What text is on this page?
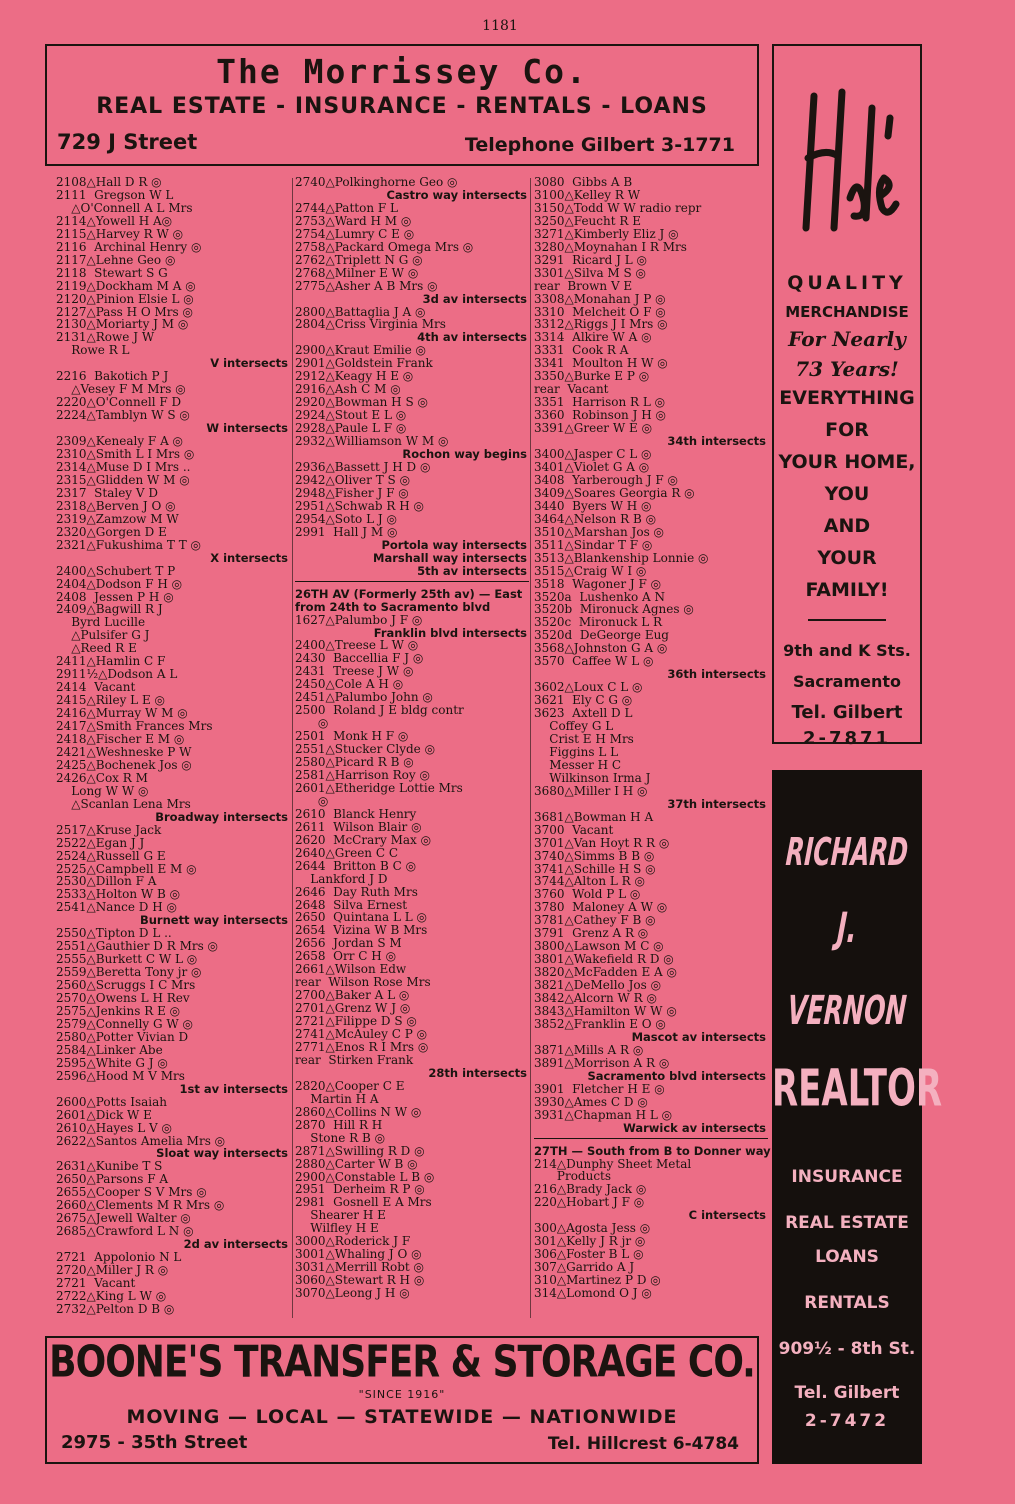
1181
The Morrissey Co.
REAL ESTATE - INSURANCE - RENTALS - LOANS
729 J Street	Telephone Gilbert 3-1771
2108△Hall D R ◎
2111  Gregson W L
△O'Connell A L Mrs
2114△Yowell H A◎
2115△Harvey R W ◎
2116  Archinal Henry ◎
2117△Lehne Geo ◎
2118  Stewart S G
2119△Dockham M A ◎
2120△Pinion Elsie L ◎
2127△Pass H O Mrs ◎
2130△Moriarty J M ◎
2131△Rowe J W
Rowe R L
V intersects
2216  Bakotich P J
△Vesey F M Mrs ◎
2220△O'Connell F D
2224△Tamblyn W S ◎
W intersects
2309△Kenealy F A ◎
2310△Smith L I Mrs ◎
2314△Muse D I Mrs ..
2315△Glidden W M ◎
2317  Staley V D
2318△Berven J O ◎
2319△Zamzow M W
2320△Gorgen D E
2321△Fukushima T T ◎
X intersects
2400△Schubert T P
2404△Dodson F H ◎
2408  Jessen P H ◎
2409△Bagwill R J
Byrd Lucille
△Pulsifer G J
△Reed R E
2411△Hamlin C F
2911½△Dodson A L
2414  Vacant
2415△Riley L E ◎
2416△Murray W M ◎
2417△Smith Frances Mrs
2418△Fischer E M ◎
2421△Weshneske P W
2425△Bochenek Jos ◎
2426△Cox R M
Long W W ◎
△Scanlan Lena Mrs
Broadway intersects
2517△Kruse Jack
2522△Egan J J
2524△Russell G E
2525△Campbell E M ◎
2530△Dillon F A
2533△Holton W B ◎
2541△Nance D H ◎
Burnett way intersects
2550△Tipton D L ..
2551△Gauthier D R Mrs ◎
2555△Burkett C W L ◎
2559△Beretta Tony jr ◎
2560△Scruggs I C Mrs
2570△Owens L H Rev
2575△Jenkins R E ◎
2579△Connelly G W ◎
2580△Potter Vivian D
2584△Linker Abe
2595△White G J ◎
2596△Hood M V Mrs
1st av intersects
2600△Potts Isaiah
2601△Dick W E
2610△Hayes L V ◎
2622△Santos Amelia Mrs ◎
Sloat way intersects
2631△Kunibe T S
2650△Parsons F A
2655△Cooper S V Mrs ◎
2660△Clements M R Mrs ◎
2675△Jewell Walter ◎
2685△Crawford L N ◎
2d av intersects
2721  Appolonio N L
2720△Miller J R ◎
2721  Vacant
2722△King L W ◎
2732△Pelton D B ◎
2740△Polkinghorne Geo ◎
Castro way intersects
2744△Patton F L
2753△Ward H M ◎
2754△Lumry C E ◎
2758△Packard Omega Mrs ◎
2762△Triplett N G ◎
2768△Milner E W ◎
2775△Asher A B Mrs ◎
3d av intersects
2800△Battaglia J A ◎
2804△Criss Virginia Mrs
4th av intersects
2900△Kraut Emilie ◎
2901△Goldstein Frank
2912△Keagy H E ◎
2916△Ash C M ◎
2920△Bowman H S ◎
2924△Stout E L ◎
2928△Paule L F ◎
2932△Williamson W M ◎
Rochon way begins
2936△Bassett J H D ◎
2942△Oliver T S ◎
2948△Fisher J F ◎
2951△Schwab R H ◎
2954△Soto L J ◎
2991  Hall J M ◎
Portola way intersects
Marshall way intersects
5th av intersects
26TH AV (Formerly 25th av) — East from 24th to Sacramento blvd
1627△Palumbo J F ◎
Franklin blvd intersects
2400△Treese L W ◎
2430  Baccellia F J ◎
2431  Treese J W ◎
2450△Cole A H ◎
2451△Palumbo John ◎
2500  Roland J E bldg contr
◎
2501  Monk H F ◎
2551△Stucker Clyde ◎
2580△Picard R B ◎
2581△Harrison Roy ◎
2601△Etheridge Lottie Mrs
◎
2610  Blanck Henry
2611  Wilson Blair ◎
2620  McCrary Max ◎
2640△Green C C
2644  Britton B C ◎
Lankford J D
2646  Day Ruth Mrs
2648  Silva Ernest
2650  Quintana L L ◎
2654  Vizina W B Mrs
2656  Jordan S M
2658  Orr C H ◎
2661△Wilson Edw
rear  Wilson Rose Mrs
2700△Baker A L ◎
2701△Grenz W J ◎
2721△Filippe D S ◎
2741△McAuley C P ◎
2771△Enos R I Mrs ◎
rear  Stirken Frank
28th intersects
2820△Cooper C E
Martin H A
2860△Collins N W ◎
2870  Hill R H
Stone R B ◎
2871△Swilling R D ◎
2880△Carter W B ◎
2900△Constable L B ◎
2951  Derheim R P ◎
2981  Gosnell E A Mrs
Shearer H E
Wilfley H E
3000△Roderick J F
3001△Whaling J O ◎
3031△Merrill Robt ◎
3060△Stewart R H ◎
3070△Leong J H ◎
3080  Gibbs A B
3100△Kelley R W
3150△Todd W W radio repr
3250△Feucht R E
3271△Kimberly Eliz J ◎
3280△Moynahan I R Mrs
3291  Ricard J L ◎
3301△Silva M S ◎
rear  Brown V E
3308△Monahan J P ◎
3310  Melcheit O F ◎
3312△Riggs J I Mrs ◎
3314  Alkire W A ◎
3331  Cook R A
3341  Moulton H W ◎
3350△Burke E P ◎
rear  Vacant
3351  Harrison R L ◎
3360  Robinson J H ◎
3391△Greer W E ◎
34th intersects
3400△Jasper C L ◎
3401△Violet G A ◎
3408  Yarberough J F ◎
3409△Soares Georgia R ◎
3440  Byers W H ◎
3464△Nelson R B ◎
3510△Marshan Jos ◎
3511△Sindar T F ◎
3513△Blankenship Lonnie ◎
3515△Craig W I ◎
3518  Wagoner J F ◎
3520a  Lushenko A N
3520b  Mironuck Agnes ◎
3520c  Mironuck L R
3520d  DeGeorge Eug
3568△Johnston G A ◎
3570  Caffee W L ◎
36th intersects
3602△Loux C L ◎
3621  Ely C G ◎
3623  Axtell D L
Coffey G L
Crist E H Mrs
Figgins L L
Messer H C
Wilkinson Irma J
3680△Miller I H ◎
37th intersects
3681△Bowman H A
3700  Vacant
3701△Van Hoyt R R ◎
3740△Simms B B ◎
3741△Schille H S ◎
3744△Alton L R ◎
3760  Wold P L ◎
3780  Maloney A W ◎
3781△Cathey F B ◎
3791  Grenz A R ◎
3800△Lawson M C ◎
3801△Wakefield R D ◎
3820△McFadden E A ◎
3821△DeMello Jos ◎
3842△Alcorn W R ◎
3843△Hamilton W W ◎
3852△Franklin E O ◎
Mascot av intersects
3871△Mills A R ◎
3891△Morrison A R ◎
Sacramento blvd intersects
3901  Fletcher H E ◎
3930△Ames C D ◎
3931△Chapman H L ◎
Warwick av intersects
27TH — South from B to Donner way
214△Dunphy Sheet Metal
Products
216△Brady Jack ◎
220△Hobart J F ◎
C intersects
300△Agosta Jess ◎
301△Kelly J R jr ◎
306△Foster B L ◎
307△Garrido A J
310△Martinez P D ◎
314△Lomond O J ◎
Hale's
QUALITY
MERCHANDISE
For Nearly
73 Years!
EVERYTHING
FOR
YOUR HOME,
YOU
AND
YOUR
FAMILY!
9th and K Sts.
Sacramento
Tel. Gilbert
2-7871
RICHARD
J.
VERNON
REALTOR
INSURANCE
REAL ESTATE
LOANS
RENTALS
909½ - 8th St.
Tel. Gilbert
2-7472
BOONE'S TRANSFER & STORAGE CO.
"SINCE 1916"
MOVING — LOCAL — STATEWIDE — NATIONWIDE
2975 - 35th Street	Tel. Hillcrest 6-4784
